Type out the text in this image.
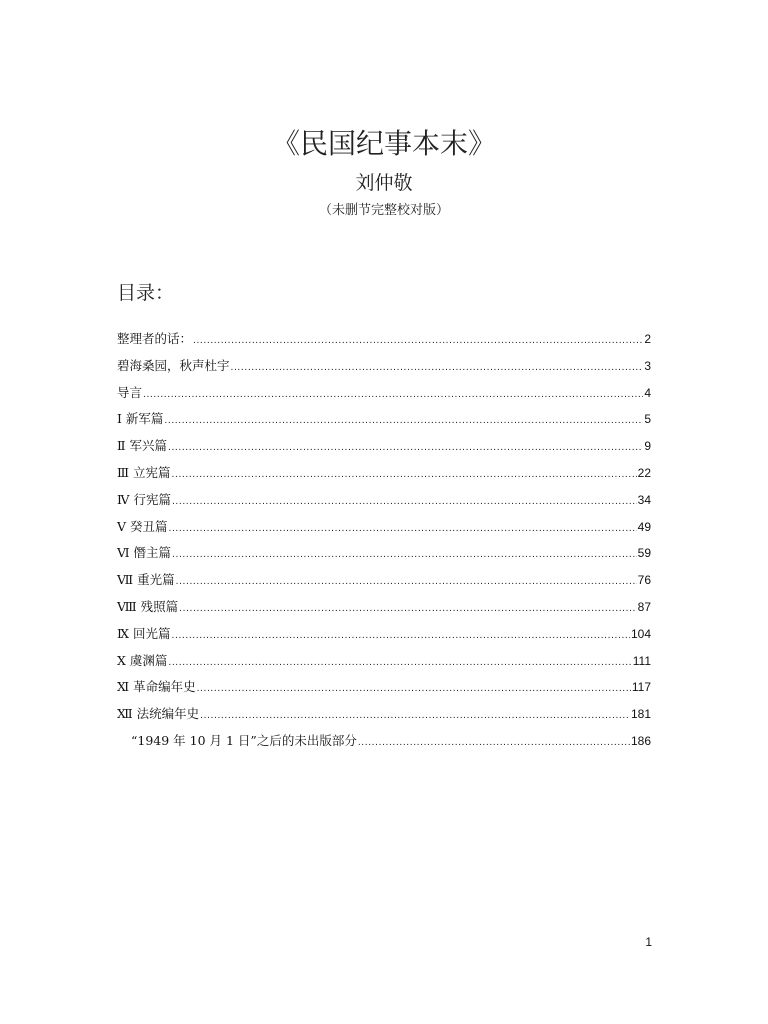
《民国纪事本末》
刘仲敬
（未删节完整校对版）
目录：
整理者的话： .....	2
碧海桑园，秋声杜宇 .....	3
导言 .....	4
Ⅰ 新军篇 .....	5
Ⅱ 军兴篇 .....	9
Ⅲ 立宪篇 .....	22
Ⅳ 行宪篇 .....	34
Ⅴ 癸丑篇 .....	49
Ⅵ 僭主篇 .....	59
Ⅶ 重光篇 .....	76
Ⅷ 残照篇 .....	87
Ⅸ 回光篇 .....	104
Ⅹ 虞渊篇 .....	111
Ⅺ 革命编年史 .....	117
Ⅻ 法统编年史 .....	181
“1949 年 10 月 1 日”之后的未出版部分 .....	186
1
